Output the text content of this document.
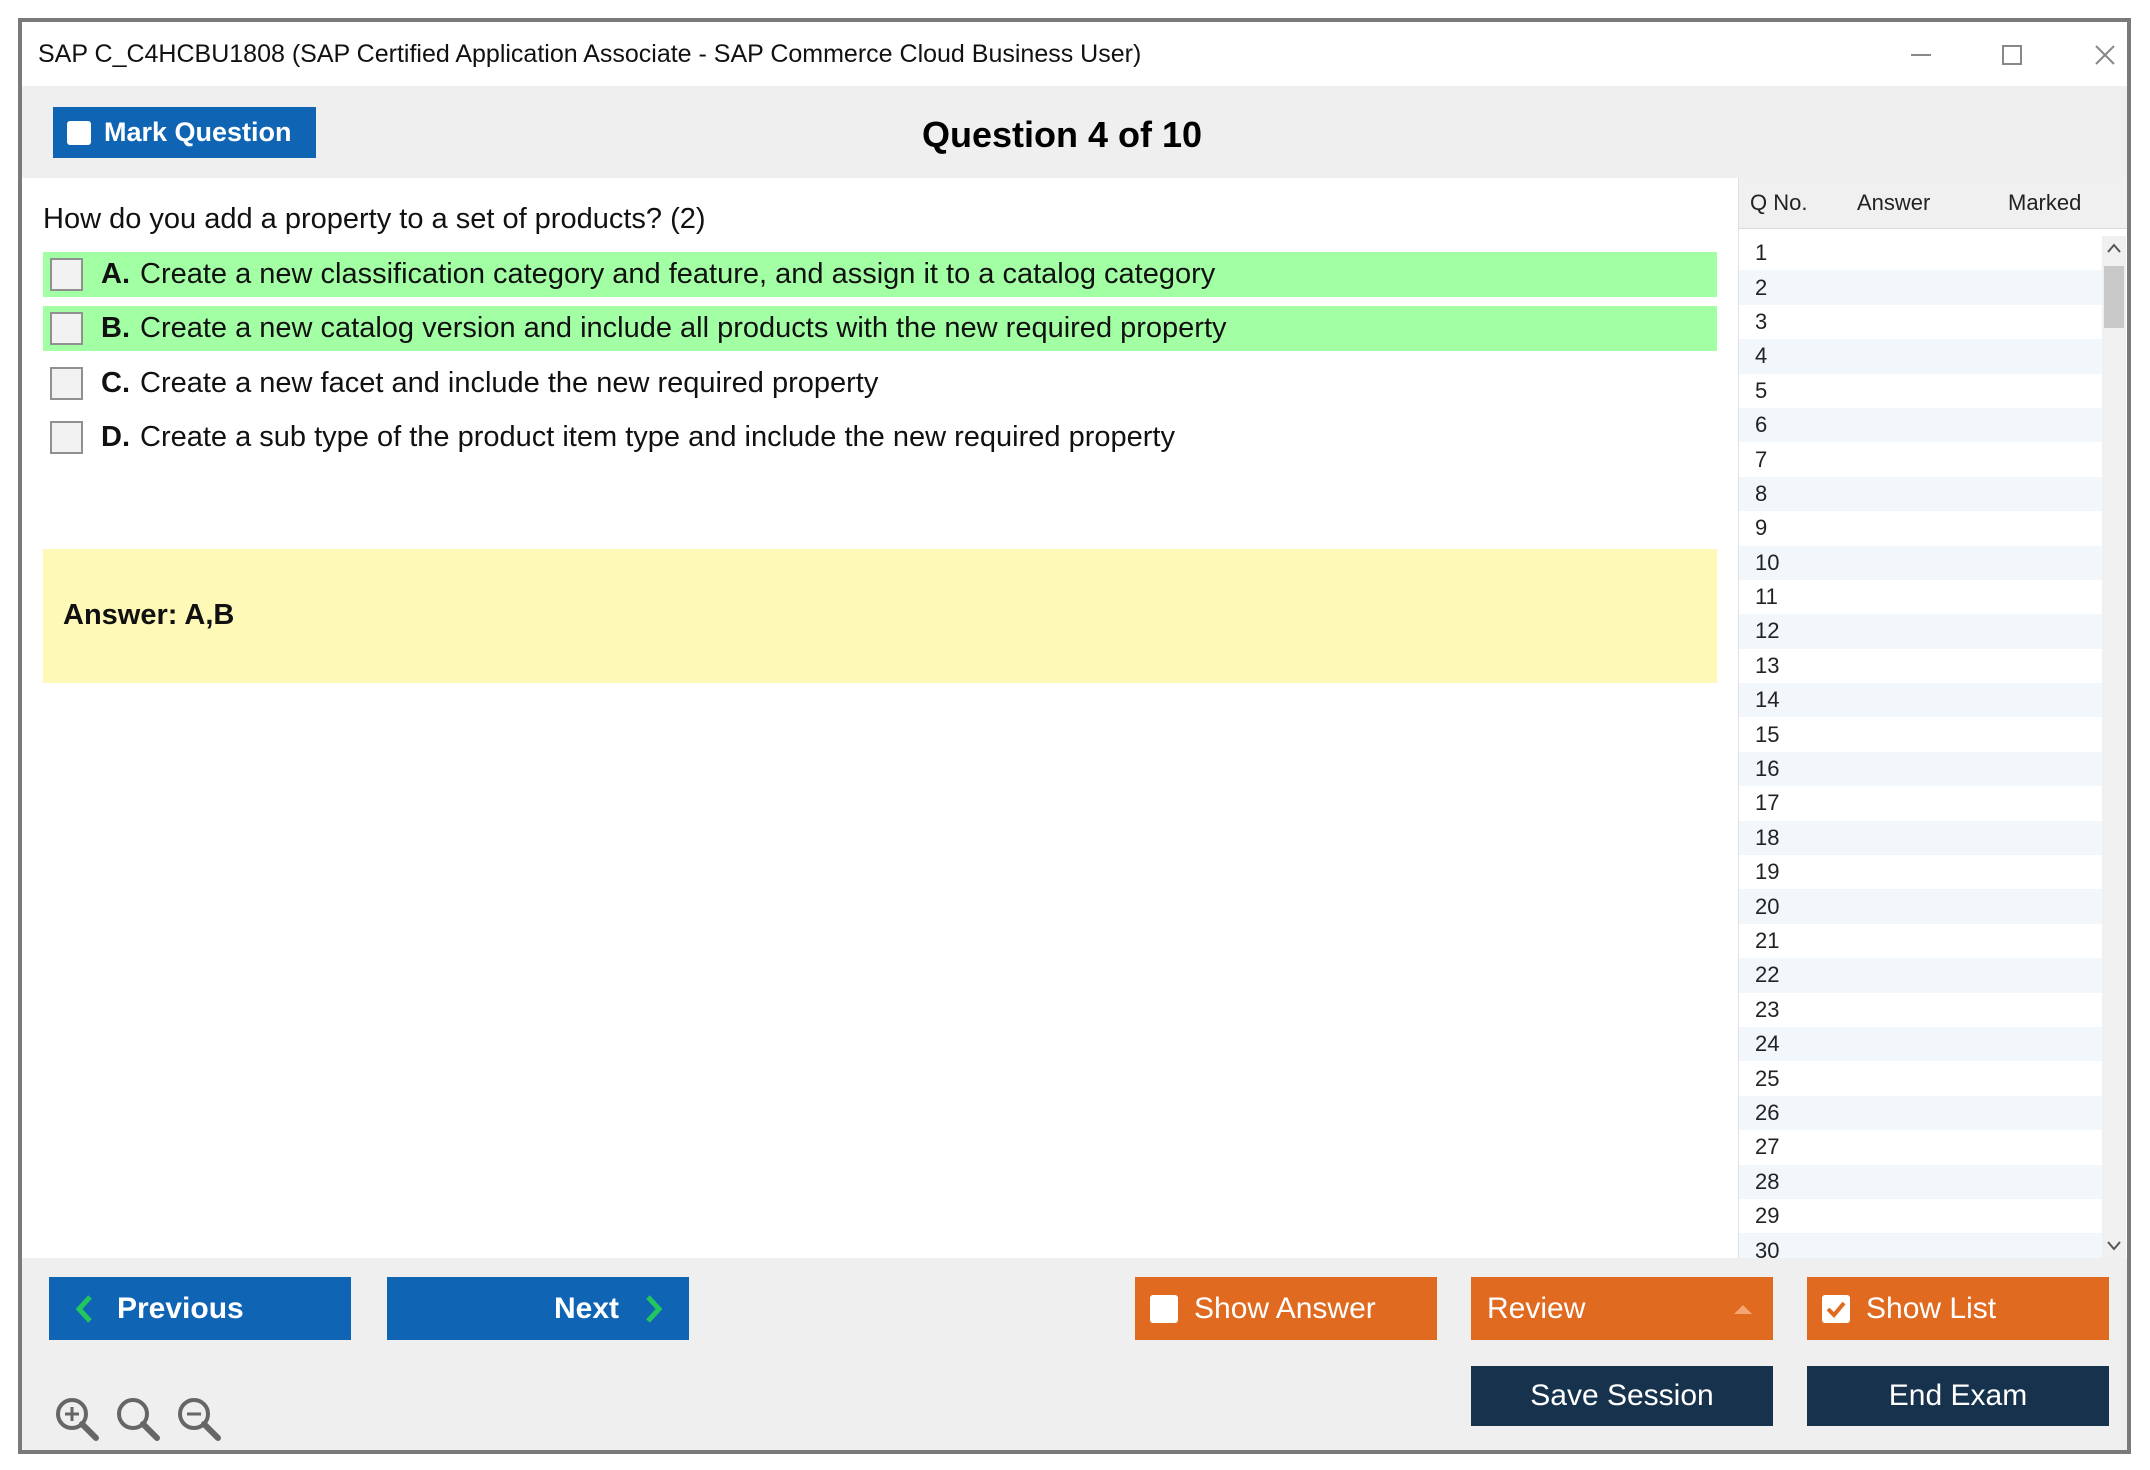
SAP C_C4HCBU1808 (SAP Certified Application Associate - SAP Commerce Cloud Business User)
Mark Question	Question 4 of 10
How do you add a property to a set of products? (2)
A. Create a new classification category and feature, and assign it to a catalog category
B. Create a new catalog version and include all products with the new required property
C. Create a new facet and include the new required property
D. Create a sub type of the product item type and include the new required property
Answer: A,B
Q No. Answer	Marked
1
2
3
4
5
6
7
8
9
10
11
12
13
14
15
16
17
18
19
20
21
22
23
24
25
26
27
28
29
30
Previous	Next	Show Answer	Review	Show List
Save Session	End Exam
